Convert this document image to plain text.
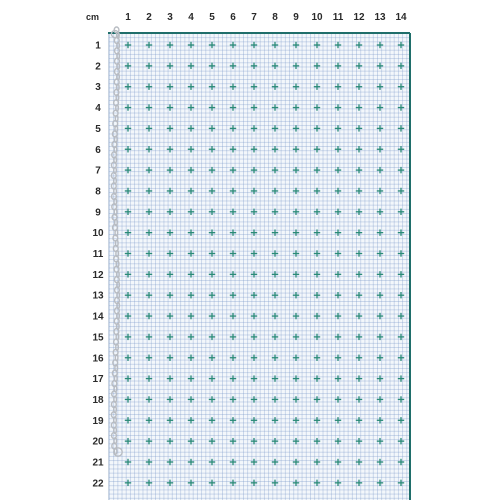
cm	1 2 3 4 5 6 7 8 9 10 11 12 13 14
1
2
3
4
5
6
7
8
9
10
11
12
13
14
15
16
17
18
19
20
21
22
